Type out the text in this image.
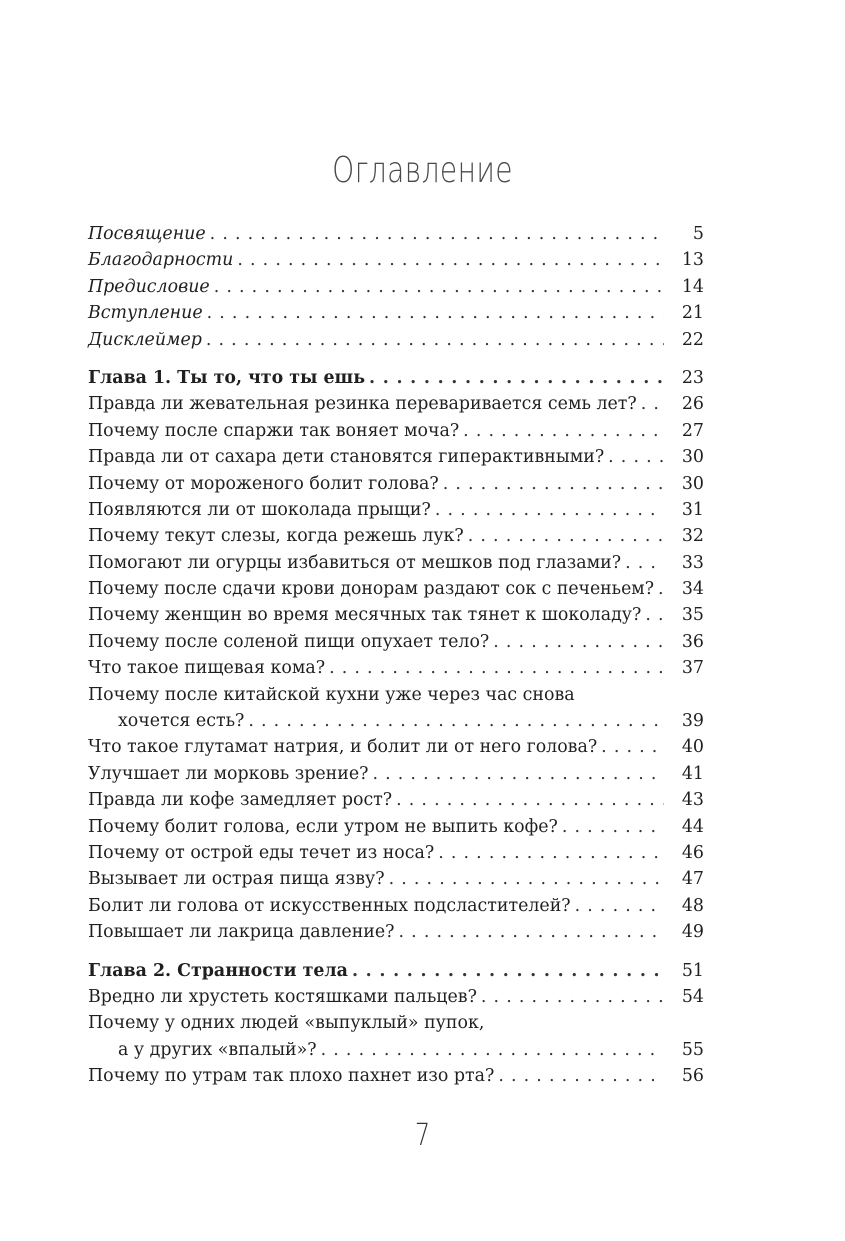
Оглавление
Посвящение . . .	5
Благодарности . . .	13
Предисловие . . .	14
Вступление . . .	21
Дисклеймер . . .	22
Глава 1. Ты то, что ты ешь . . .	23
Правда ли жевательная резинка переваривается семь лет? . . .	26
Почему после спаржи так воняет моча? . . .	27
Правда ли от сахара дети становятся гиперактивными? . . .	30
Почему от мороженого болит голова? . . .	30
Появляются ли от шоколада прыщи? . . .	31
Почему текут слезы, когда режешь лук? . . .	32
Помогают ли огурцы избавиться от мешков под глазами? . . .	33
Почему после сдачи крови донорам раздают сок с печеньем? . . .	34
Почему женщин во время месячных так тянет к шоколаду? . . .	35
Почему после соленой пищи опухает тело? . . .	36
Что такое пищевая кома? . . .	37
Почему после китайской кухни уже через час снова
хочется есть? . . .	39
Что такое глутамат натрия, и болит ли от него голова? . . .	40
Улучшает ли морковь зрение? . . .	41
Правда ли кофе замедляет рост? . . .	43
Почему болит голова, если утром не выпить кофе? . . .	44
Почему от острой еды течет из носа? . . .	46
Вызывает ли острая пища язву? . . .	47
Болит ли голова от искусственных подсластителей? . . .	48
Повышает ли лакрица давление? . . .	49
Глава 2. Странности тела . . .	51
Вредно ли хрустеть костяшками пальцев? . . .	54
Почему у одних людей «выпуклый» пупок,
а у других «впалый»? . . .	55
Почему по утрам так плохо пахнет изо рта? . . .	56
7
